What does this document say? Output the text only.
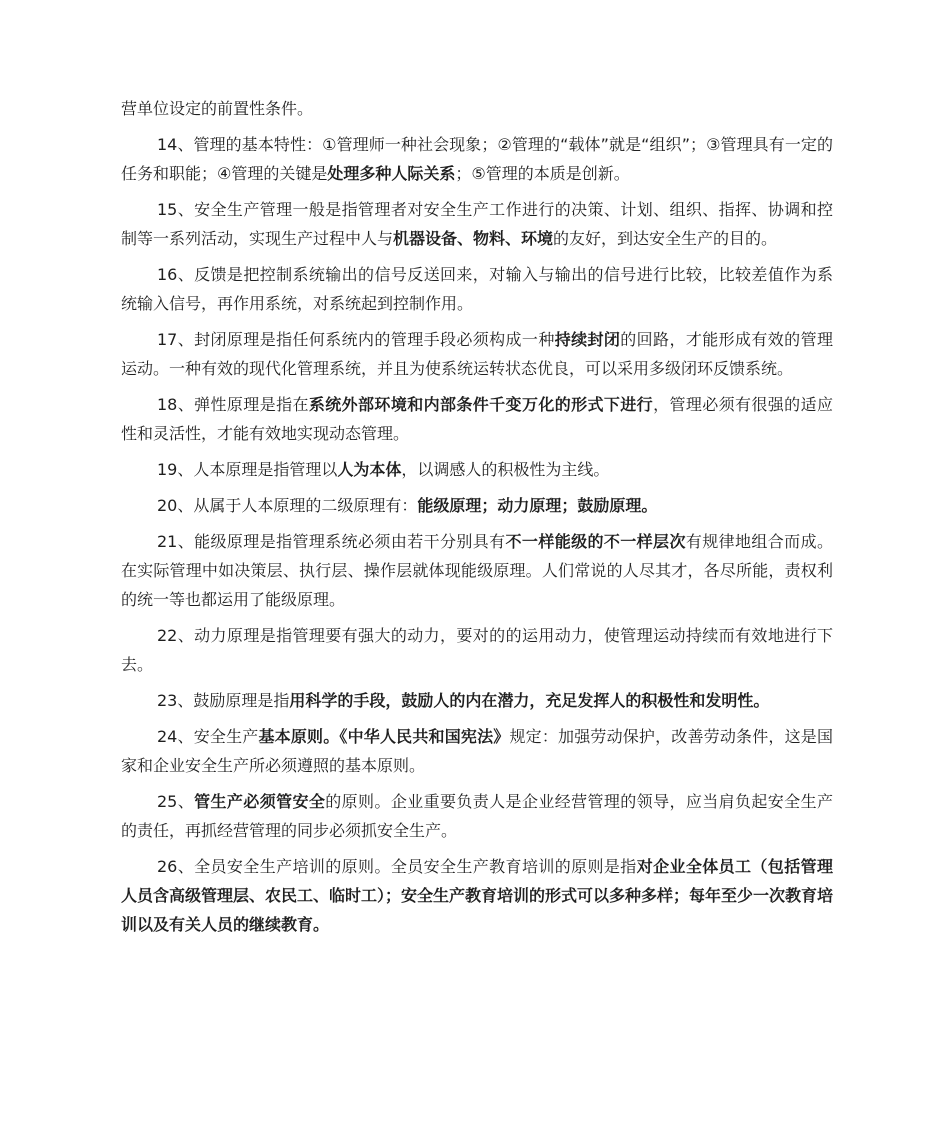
营单位设定的前置性条件。

14、管理的基本特性：①管理师一种社会现象；②管理的“载体”就是“组织”；③管理具有一定的任务和职能；④管理的关键是处理多种人际关系；⑤管理的本质是创新。

15、安全生产管理一般是指管理者对安全生产工作进行的决策、计划、组织、指挥、协调和控制等一系列活动，实现生产过程中人与机器设备、物料、环境的友好，到达安全生产的目的。

16、反馈是把控制系统输出的信号反送回来，对输入与输出的信号进行比较，比较差值作为系统输入信号，再作用系统，对系统起到控制作用。

17、封闭原理是指任何系统内的管理手段必须构成一种持续封闭的回路，才能形成有效的管理运动。一种有效的现代化管理系统，并且为使系统运转状态优良，可以采用多级闭环反馈系统。

18、弹性原理是指在系统外部环境和内部条件千变万化的形式下进行，管理必须有很强的适应性和灵活性，才能有效地实现动态管理。

19、人本原理是指管理以人为本体，以调感人的积极性为主线。

20、从属于人本原理的二级原理有：能级原理；动力原理；鼓励原理。

21、能级原理是指管理系统必须由若干分别具有不一样能级的不一样层次有规律地组合而成。在实际管理中如决策层、执行层、操作层就体现能级原理。人们常说的人尽其才，各尽所能，责权利的统一等也都运用了能级原理。

22、动力原理是指管理要有强大的动力，要对的的运用动力，使管理运动持续而有效地进行下去。

23、鼓励原理是指用科学的手段，鼓励人的内在潜力，充足发挥人的积极性和发明性。

24、安全生产基本原则。《中华人民共和国宪法》规定：加强劳动保护，改善劳动条件，这是国家和企业安全生产所必须遵照的基本原则。

25、管生产必须管安全的原则。企业重要负责人是企业经营管理的领导，应当肩负起安全生产的责任，再抓经营管理的同步必须抓安全生产。

26、全员安全生产培训的原则。全员安全生产教育培训的原则是指对企业全体员工（包括管理人员含高级管理层、农民工、临时工）；安全生产教育培训的形式可以多种多样；每年至少一次教育培训以及有关人员的继续教育。
